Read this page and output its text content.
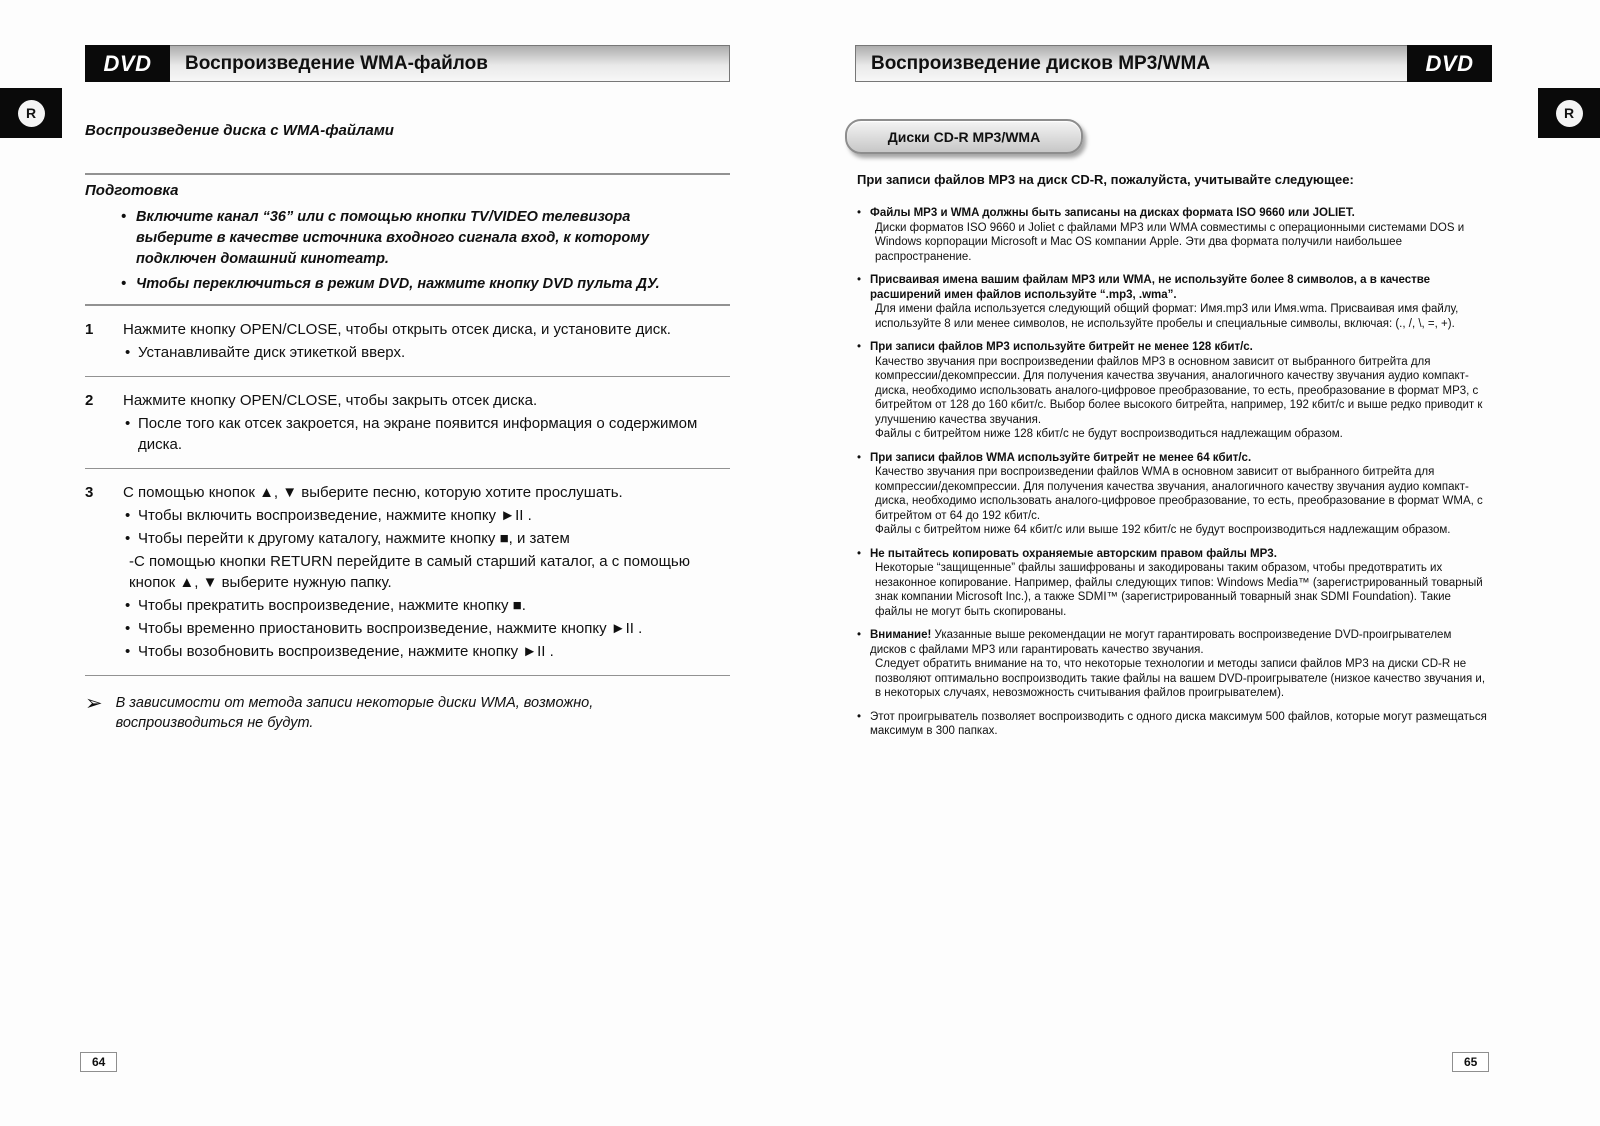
DVD	Воспроизведение WMA-файлов
R
Воспроизведение диска с WMA-файлами
Подготовка
• Включите канал “36” или с помощью кнопки TV/VIDEO телевизора выберите в качестве источника входного сигнала вход, к которому подключен домашний кинотеатр.
• Чтобы переключиться в режим DVD, нажмите кнопку DVD пульта ДУ.
1	Нажмите кнопку OPEN/CLOSE, чтобы открыть отсек диска, и установите диск.
• Устанавливайте диск этикеткой вверх.
2	Нажмите кнопку OPEN/CLOSE, чтобы закрыть отсек диска.
• После того как отсек закроется, на экране появится информация о содержимом диска.
3	С помощью кнопок ▲, ▼ выберите песню, которую хотите прослушать.
• Чтобы включить воспроизведение, нажмите кнопку ►II .
• Чтобы перейти к другому каталогу, нажмите кнопку ■, и затем
-С помощью кнопки RETURN перейдите в самый старший каталог, а с помощью кнопок ▲, ▼ выберите нужную папку.
• Чтобы прекратить воспроизведение, нажмите кнопку ■.
• Чтобы временно приостановить воспроизведение, нажмите кнопку ►II .
• Чтобы возобновить воспроизведение, нажмите кнопку ►II .
➢ В зависимости от метода записи некоторые диски WMA, возможно, воспроизводиться не будут.
64
Воспроизведение дисков MP3/WMA	DVD
R
Диски CD-R MP3/WMA

При записи файлов MP3 на диск CD-R, пожалуйста, учитывайте следующее:

• Файлы MP3 и WMA должны быть записаны на дисках формата ISO 9660 или JOLIET.
Диски форматов ISO 9660 и Joliet с файлами MP3 или WMA совместимы с операционными системами DOS и Windows корпорации Microsoft и Mac OS компании Apple. Эти два формата получили наибольшее распространение.
• Присваивая имена вашим файлам MP3 или WMA, не используйте более 8 символов, а в качестве расширений имен файлов используйте “.mp3, .wma”.
Для имени файла используется следующий общий формат: Имя.mp3 или Имя.wma. Присваивая имя файлу, используйте 8 или менее символов, не используйте пробелы и специальные символы, включая: (., /, \, =, +).
• При записи файлов MP3 используйте битрейт не менее 128 кбит/с.
Качество звучания при воспроизведении файлов MP3 в основном зависит от выбранного битрейта для компрессии/декомпрессии. Для получения качества звучания, аналогичного качеству звучания аудио компакт-диска, необходимо использовать аналого-цифровое преобразование, то есть, преобразование в формат MP3, с битрейтом от 128 до 160 кбит/с. Выбор более высокого битрейта, например, 192 кбит/с и выше редко приводит к улучшению качества звучания.
Файлы с битрейтом ниже 128 кбит/с не будут воспроизводиться надлежащим образом.
• При записи файлов WMA используйте битрейт не менее 64 кбит/с.
Качество звучания при воспроизведении файлов WMA в основном зависит от выбранного битрейта для компрессии/декомпрессии. Для получения качества звучания, аналогичного качеству звучания аудио компакт-диска, необходимо использовать аналого-цифровое преобразование, то есть, преобразование в формат WMA, с битрейтом от 64 до 192 кбит/с.
Файлы с битрейтом ниже 64 кбит/с или выше 192 кбит/с не будут воспроизводиться надлежащим образом.
• Не пытайтесь копировать охраняемые авторским правом файлы MP3.
Некоторые “защищенные” файлы зашифрованы и закодированы таким образом, чтобы предотвратить их незаконное копирование. Например, файлы следующих типов: Windows Media™ (зарегистрированный товарный знак компании Microsoft Inc.), а также SDMI™ (зарегистрированный товарный знак SDMI Foundation). Такие файлы не могут быть скопированы.
• Внимание! Указанные выше рекомендации не могут гарантировать воспроизведение DVD-проигрывателем дисков с файлами MP3 или гарантировать качество звучания.
Следует обратить внимание на то, что некоторые технологии и методы записи файлов MP3 на диски CD-R не позволяют оптимально воспроизводить такие файлы на вашем DVD-проигрывателе (низкое качество звучания и, в некоторых случаях, невозможность считывания файлов проигрывателем).
• Этот проигрыватель позволяет воспроизводить с одного диска максимум 500 файлов, которые могут размещаться максимум в 300 папках.
65
